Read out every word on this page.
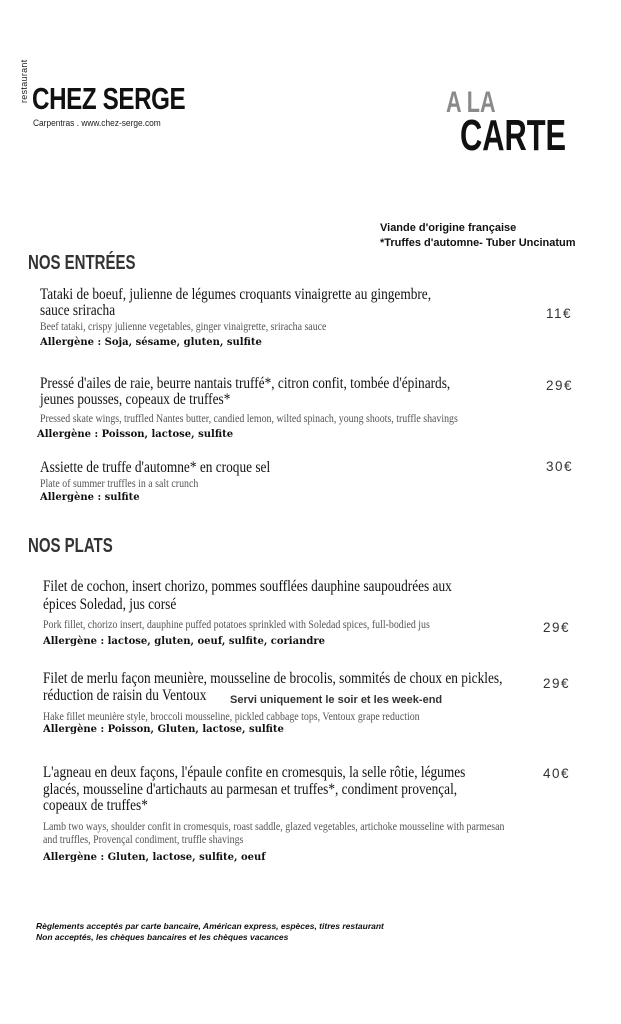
restaurant CHEZ SERGE
Carpentras . www.chez-serge.com
A LA
CARTE
Viande d'origine française
*Truffes d'automne- Tuber Uncinatum
NOS ENTRÉES
Tataki de boeuf, julienne de légumes croquants vinaigrette au gingembre,
sauce sriracha
Beef tataki, crispy julienne vegetables, ginger vinaigrette, sriracha sauce
Allergène : Soja, sésame, gluten, sulfite
11€
Pressé d'ailes de raie, beurre nantais truffé*, citron confit, tombée d'épinards,
jeunes pousses, copeaux de truffes*
Pressed skate wings, truffled Nantes butter, candied lemon, wilted spinach, young shoots, truffle shavings
Allergène : Poisson, lactose, sulfite
29€
Assiette de truffe d'automne* en croque sel
Plate of summer truffles in a salt crunch
Allergène : sulfite
30€
NOS PLATS
Filet de cochon, insert chorizo, pommes soufflées dauphine saupoudrées aux
épices Soledad, jus corsé
Pork fillet, chorizo insert, dauphine puffed potatoes sprinkled with Soledad spices, full-bodied jus
Allergène : lactose, gluten, oeuf, sulfite, coriandre
29€
Filet de merlu façon meunière, mousseline de brocolis, sommités de choux en pickles,
réduction de raisin du Ventoux Servi uniquement le soir et les week-end
Hake fillet meunière style, broccoli mousseline, pickled cabbage tops, Ventoux grape reduction
Allergène : Poisson, Gluten, lactose, sulfite
29€
L'agneau en deux façons, l'épaule confite en cromesquis, la selle rôtie, légumes
glacés, mousseline d'artichauts au parmesan et truffes*, condiment provençal,
copeaux de truffes*
Lamb two ways, shoulder confit in cromesquis, roast saddle, glazed vegetables, artichoke mousseline with parmesan
and truffles, Provençal condiment, truffle shavings
Allergène : Gluten, lactose, sulfite, oeuf
40€
Règlements acceptés par carte bancaire, Américan express, espèces, titres restaurant
Non acceptés, les chèques bancaires et les chèques vacances
